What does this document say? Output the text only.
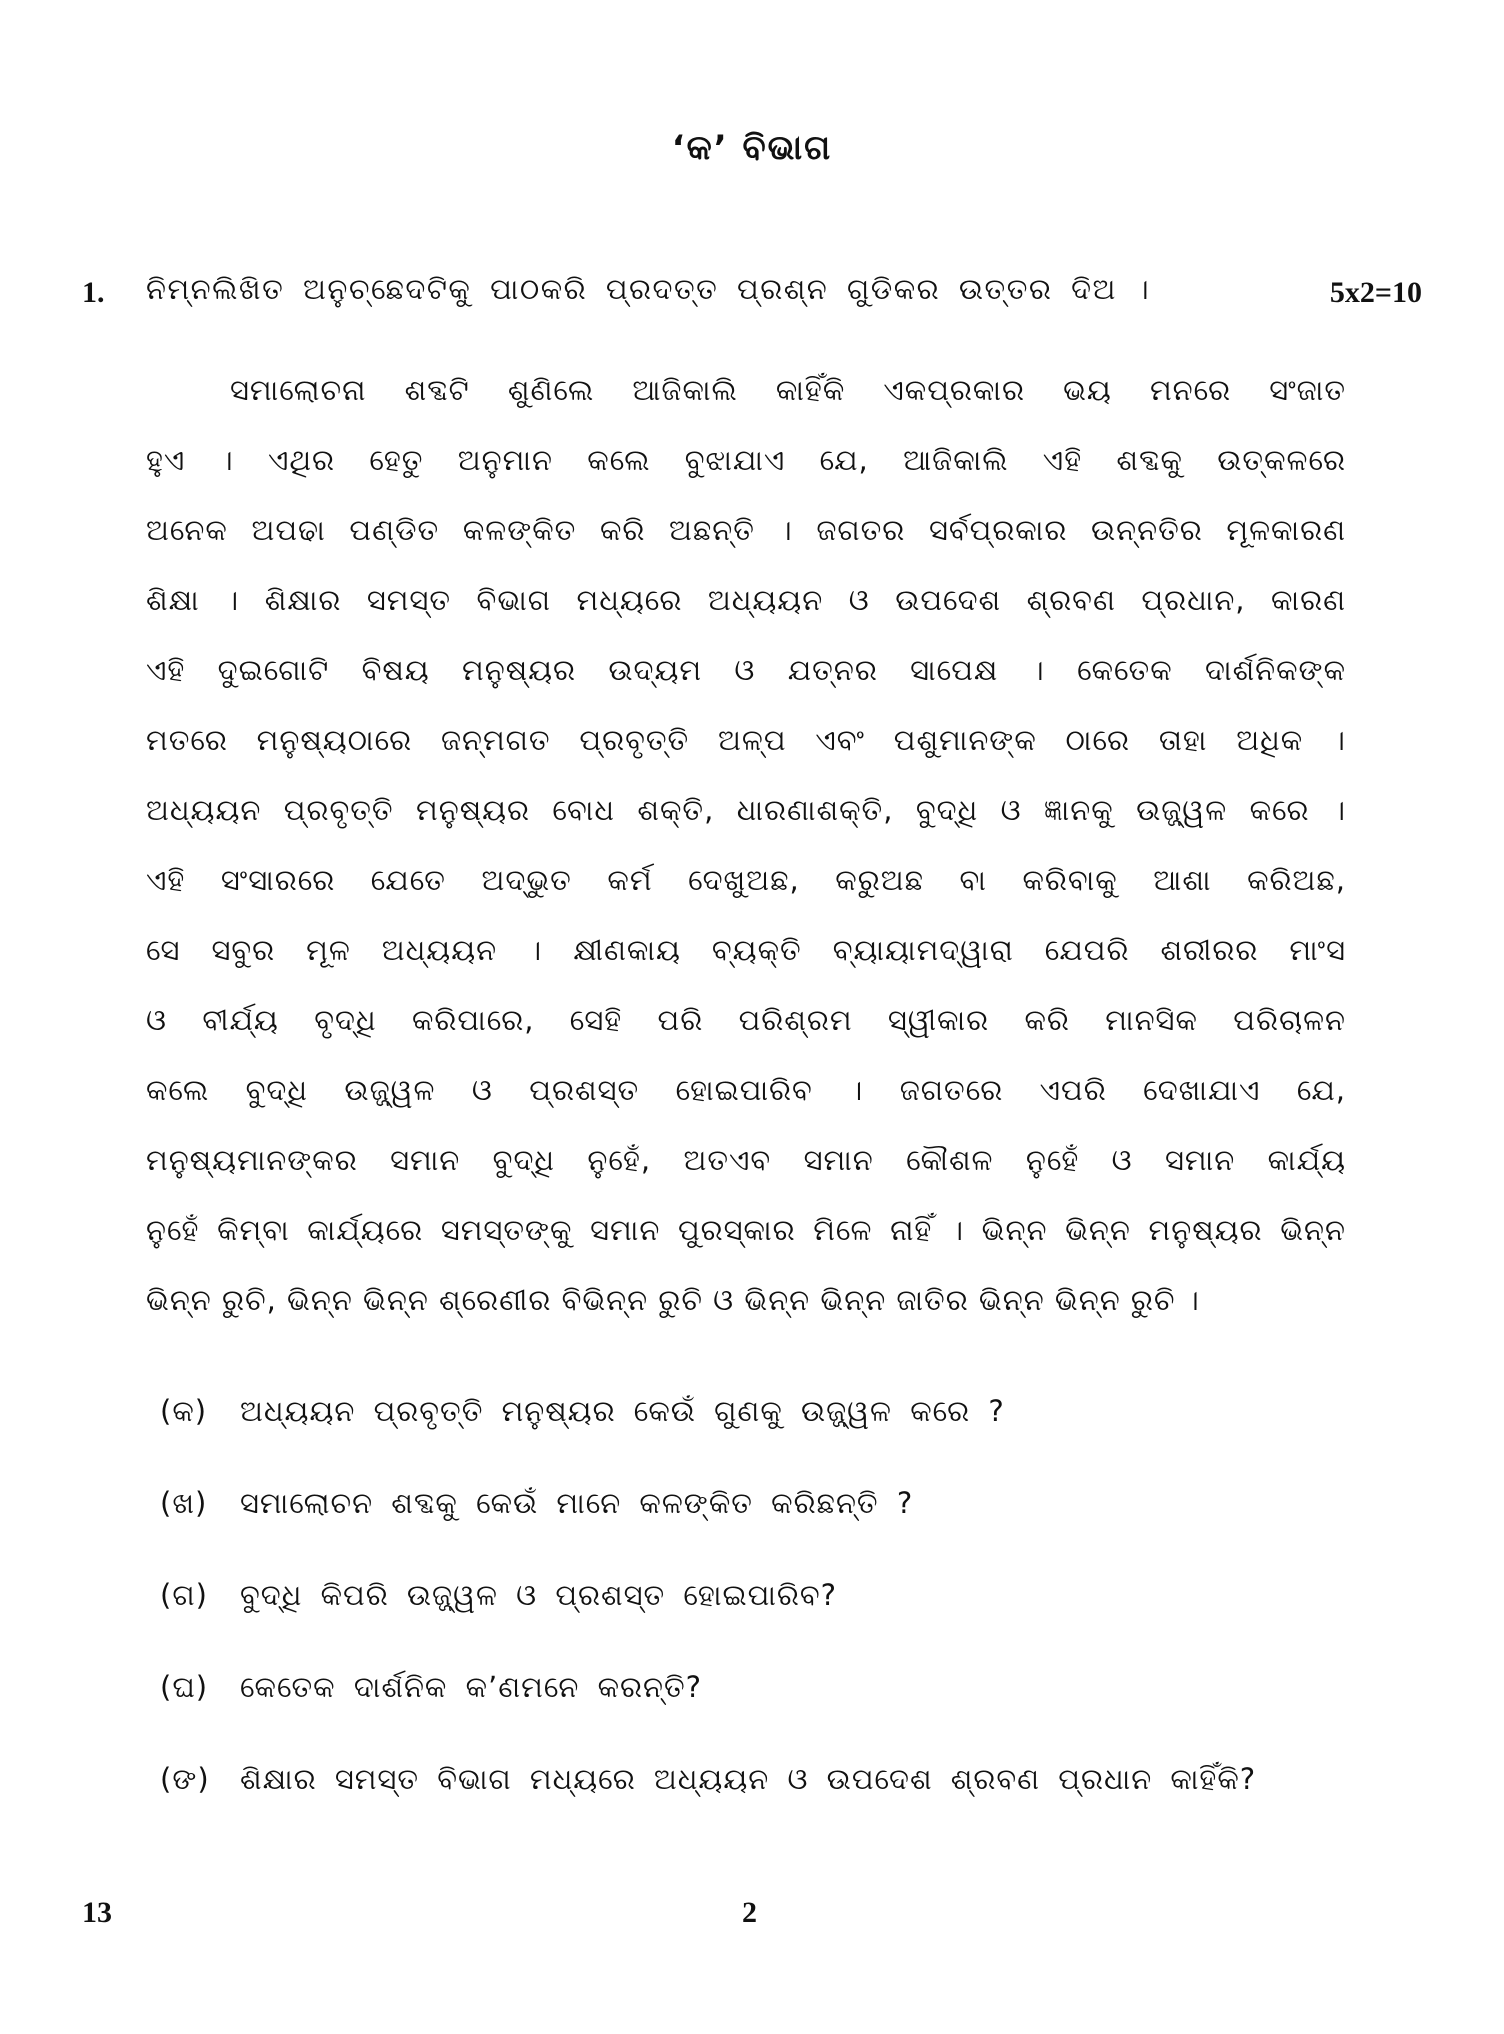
‘କ’ ବିଭାଗ
1. ନିମ୍ନଲିଖିତ ଅନୁଚ୍ଛେଦଟିକୁ ପାଠକରି ପ୍ରଦତ୍ତ ପ୍ରଶ୍ନ ଗୁଡିକର ଉତ୍ତର ଦିଅ ।	5x2=10
ସମାଲୋଚନା ଶବ୍ଦଟି ଶୁଣିଲେ ଆଜିକାଲି କାହିଁକି ଏକପ୍ରକାର ଭୟ ମନରେ ସଂଜାତ
ହୁଏ । ଏଥିର ହେତୁ ଅନୁମାନ କଲେ ବୁଝାଯାଏ ଯେ, ଆଜିକାଲି ଏହି ଶବ୍ଦକୁ ଉତ୍କଳରେ
ଅନେକ ଅପଢା ପଣ୍ଡିତ କଳଙ୍କିତ କରି ଅଛନ୍ତି । ଜଗତର ସର୍ବପ୍ରକାର ଉନ୍ନତିର ମୂଳକାରଣ
ଶିକ୍ଷା । ଶିକ୍ଷାର ସମସ୍ତ ବିଭାଗ ମଧ୍ୟରେ ଅଧ୍ୟୟନ ଓ ଉପଦେଶ ଶ୍ରବଣ ପ୍ରଧାନ, କାରଣ
ଏହି ଦୁଇଗୋଟି ବିଷୟ ମନୁଷ୍ୟର ଉଦ୍ୟମ ଓ ଯତ୍ନର ସାପେକ୍ଷ । କେତେକ ଦାର୍ଶନିକଙ୍କ
ମତରେ ମନୁଷ୍ୟଠାରେ ଜନ୍ମଗତ ପ୍ରବୃତ୍ତି ଅଳ୍ପ ଏବଂ ପଶୁମାନଙ୍କ ଠାରେ ତାହା ଅଧିକ ।
ଅଧ୍ୟୟନ ପ୍ରବୃତ୍ତି ମନୁଷ୍ୟର ବୋଧ ଶକ୍ତି, ଧାରଣାଶକ୍ତି, ବୁଦ୍ଧି ଓ ଜ୍ଞାନକୁ ଉଜ୍ଜ୍ୱଳ କରେ ।
ଏହି ସଂସାରରେ ଯେତେ ଅଦ୍ଭୁତ କର୍ମ ଦେଖୁଅଛ, କରୁଅଛ ବା କରିବାକୁ ଆଶା କରିଅଛ,
ସେ ସବୁର ମୂଳ ଅଧ୍ୟୟନ । କ୍ଷୀଣକାୟ ବ୍ୟକ୍ତି ବ୍ୟାୟାମଦ୍ୱାରା ଯେପରି ଶରୀରର ମାଂସ
ଓ ବୀର୍ଯ୍ୟ ବୃଦ୍ଧି କରିପାରେ, ସେହି ପରି ପରିଶ୍ରମ ସ୍ୱୀକାର କରି ମାନସିକ ପରିଚାଳନ
କଲେ ବୁଦ୍ଧି ଉଜ୍ଜ୍ୱଳ ଓ ପ୍ରଶସ୍ତ ହୋଇପାରିବ । ଜଗତରେ ଏପରି ଦେଖାଯାଏ ଯେ,
ମନୁଷ୍ୟମାନଙ୍କର ସମାନ ବୁଦ୍ଧି ନୁହେଁ, ଅତଏବ ସମାନ କୌଶଳ ନୁହେଁ ଓ ସମାନ କାର୍ଯ୍ୟ
ନୁହେଁ କିମ୍ବା କାର୍ଯ୍ୟରେ ସମସ୍ତଙ୍କୁ ସମାନ ପୁରସ୍କାର ମିଳେ ନାହିଁ । ଭିନ୍ନ ଭିନ୍ନ ମନୁଷ୍ୟର ଭିନ୍ନ
ଭିନ୍ନ ରୁଚି, ଭିନ୍ନ ଭିନ୍ନ ଶ୍ରେଣୀର ବିଭିନ୍ନ ରୁଚି ଓ ଭିନ୍ନ ଭିନ୍ନ ଜାତିର ଭିନ୍ନ ଭିନ୍ନ ରୁଚି ।
(କ) ଅଧ୍ୟୟନ ପ୍ରବୃତ୍ତି ମନୁଷ୍ୟର କେଉଁ ଗୁଣକୁ ଉଜ୍ଜ୍ୱଳ କରେ ?
(ଖ) ସମାଲୋଚନ ଶବ୍ଦକୁ କେଉଁ ମାନେ କଳଙ୍କିତ କରିଛନ୍ତି ?
(ଗ) ବୁଦ୍ଧି କିପରି ଉଜ୍ଜ୍ୱଳ ଓ ପ୍ରଶସ୍ତ ହୋଇପାରିବ?
(ଘ) କେତେକ ଦାର୍ଶନିକ କ’ଣମନେ କରନ୍ତି?
(ଙ) ଶିକ୍ଷାର ସମସ୍ତ ବିଭାଗ ମଧ୍ୟରେ ଅଧ୍ୟୟନ ଓ ଉପଦେଶ ଶ୍ରବଣ ପ୍ରଧାନ କାହିଁକି?
13	2
